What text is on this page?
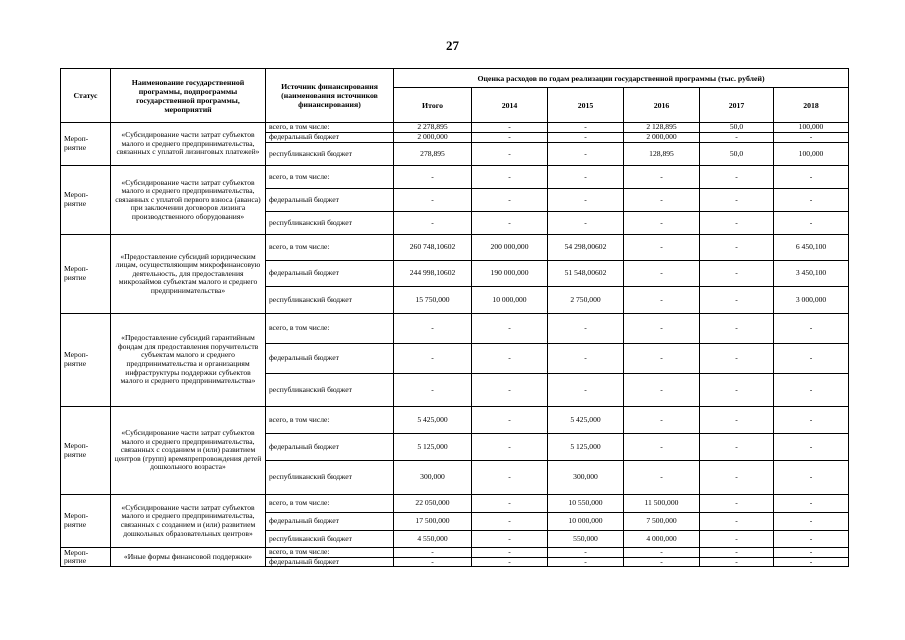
27
Статус	Наименование государственной программы, подпрограммы государственной программы, мероприятий	Источник финансирования (наименования источников финансирования)	Оценка расходов по годам реализации государственной программы (тыс. рублей)					
			Итого	2014	2015	2016	2017	2018
Мероп-
риятие	«Субсидирование части затрат субъектов малого и среднего предпринимательства, связанных с уплатой лизинговых платежей»	всего, в том числе:	2 278,895	-	-	2 128,895	50,0	100,000
		федеральный бюджет	2 000,000	-	-	2 000,000	-	-
		республиканский бюджет	278,895	-	-	128,895	50,0	100,000
Мероп-
риятие	«Субсидирование части затрат субъектов малого и среднего предпринимательства, связанных с уплатой первого взноса (аванса) при заключении договоров лизинга производственного оборудования»	всего, в том числе:	-	-	-	-	-	-
		федеральный бюджет	-	-	-	-	-	-
		республиканский бюджет	-	-	-	-	-	-
Мероп-
риятие	«Предоставление субсидий юридическим лицам, осуществляющим микрофинансовую деятельность, для предоставления микрозаймов субъектам малого и среднего предпринимательства»	всего, в том числе:	260 748,10602	200 000,000	54 298,00602	-	-	6 450,100
		федеральный бюджет	244 998,10602	190 000,000	51 548,00602	-	-	3 450,100
		республиканский бюджет	15 750,000	10 000,000	2 750,000	-	-	3 000,000
Мероп-
риятие	«Предоставление субсидий гарантийным фондам для предоставления поручительств субъектам малого и среднего предпринимательства и организациям инфраструктуры поддержки субъектов малого и среднего предпринимательства»	всего, в том числе:	-	-	-	-	-	-
		федеральный бюджет	-	-	-	-	-	-
		республиканский бюджет	-	-	-	-	-	-
Мероп-
риятие	«Субсидирование части затрат субъектов малого и среднего предпринимательства, связанных с созданием и (или) развитием центров (групп) времяпрепровождения детей дошкольного возраста»	всего, в том числе:	5 425,000	-	5 425,000	-	-	-
		федеральный бюджет	5 125,000	-	5 125,000	-	-	-
		республиканский бюджет	300,000	-	300,000	-	-	-
Мероп-
риятие	«Субсидирование части затрат субъектов малого и среднего предпринимательства, связанных с созданием и (или) развитием дошкольных образовательных центров»	всего, в том числе:	22 050,000	-	10 550,000	11 500,000	-	-
		федеральный бюджет	17 500,000	-	10 000,000	7 500,000	-	-
		республиканский бюджет	4 550,000	-	550,000	4 000,000	-	-
Мероп-
риятие	«Иные формы финансовой поддержки»	всего, в том числе:	-	-	-	-	-	-
		федеральный бюджет	-	-	-	-	-	-
